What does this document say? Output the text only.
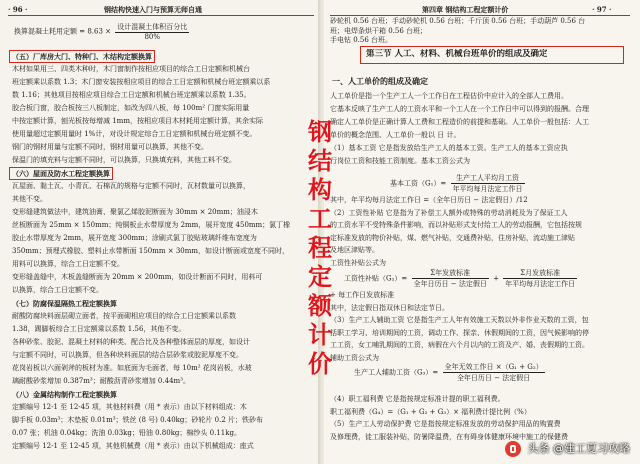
· 96 ·	钢结构快速入门与预算无师自通
换算混凝土耗用定额 = $8.63 \times \frac{\text{设计混凝土体积百分比}}{80\%}$
（五）厂库房大门、特种门、木结构定额换算
木材如果用三、四类木种时，木门窗制作按相应项目的综合工日定额和机械台
班定额乘以系数 1.3；木门窗安装按相应项目的综合工日定额和机械台班定额乘以系
数 1.16；其他项目按相应项目综合工日定额和机械台班定额乘以系数 1.35。
胶合板门窗，胶合板按三八板制定，如改为四八板，每 100m² 门窗实际用量
中按定额计算，刨光板按每增减 1mm，按相应项目木材耗用定额计算，其余实际
使用量超过定额用量时 1%计，对设计规定综合工日定额和机械台班定额不变。
钢门的钢材用量与定额不同时，钢材用量可以换算，其他不变。
保温门的填充料与定额不同时，可以换算，只换填充料，其他工料不变。
（六）屋面及防水工程定额换算
瓦屋面、黏土瓦、小青瓦、石棉瓦的规格与定额不同时，瓦材数量可以换算，
其他不变。
变形缝建筑做法中，建筑油膏、聚氯乙烯胶泥断面为 30mm × 20mm；油浸木
丝板断面为 25mm × 150mm；纯铜板止水带厚度为 2mm，展开宽度 450mm；氯丁橡
胶止水带厚度为 2mm，展开宽度 300mm；涂刷式氯丁胶贴玻璃纤维布宽度为
350mm；预埋式橡胶、塑料止水带断面 150mm × 30mm，如设计断面或宽度不同时，
用料可以换算，综合工日定额不变。
变形缝盖缝中，木板盖缝断面为 20mm × 200mm，如设计断面不同时，用料可
以换算，综合工日定额不变。
（七）防腐保温隔热工程定额换算
耐酸防腐块料面层砌立面者，按平面砌相应项目的综合工日定额乘以系数
1.38，踢脚板综合工日定额乘以系数 1.56，其他不变。
各种砂浆、胶泥、混凝土材料的种类、配合比及各种整体面层的厚度，如设计
与定额不同时，可以换算，但各种块料面层的结合层砂浆或胶泥厚度不变。
花岗岩板以六面剁斧的板材为准。如底面为毛面者，每 10m² 花岗岩板，水玻
璃耐酸砂浆增加 0.387m³；耐酸沥青砂浆增加 0.44m³。
（八）金属结构制作工程定额换算
定额编号 12-1 至 12-45 项，其他材料费（用 * 表示）由以下材料组成：木
脚手板 0.03m³；木垫板 0.01m³；铁丝 (8 号) 0.40kg；砂轮片 0.2 片；铁砂布
0.07 张；机油 0.04kg；洗油 0.03kg；铅油 0.80kg；棉纱头 0.11kg。
定额编号 12-1 至 12-45 项，其他机械费（用 * 表示）由以下机械组成：座式
第四章 钢结构工程定额计价	· 97 ·
砂轮机 0.56 台班；手动砂轮机 0.56 台班；千斤顶 0.56 台班；手动葫芦 0.56 台
班；电焊条烘干箱 0.56 台班；
手电钻 0.56 台班。
第三节 人工、材料、机械台班单价的组成及确定
一、人工单价的组成及确定
人工单价是指一个生产工人一个工作日在工程估价中应计入的全部人工费用。
它基本反映了生产工人的工资水平和一个工人在一个工作日中可以得到的报酬。合理
确定人工单价是正确计算人工费和工程造价的前提和基础。人工单价一般包括：人工
单价的概念范围、人工单价一般以 日 计。
（1）基本工资 它是指发放给生产工人的基本工资。生产工人的基本工资应执
行岗位工资和技能工资制度。基本工资公式为
基本工资$(G_1)= \frac{\text{生产工人平均月工资}}{\text{年平均每月法定工作日}}$
其中，年平均每月法定工作日 =（全年日历日 − 法定假日）/12
（2）工资性补贴 它是指为了补偿工人额外或特殊的劳动消耗及为了保证工人
的工资水平不受特殊条件影响，而以补贴形式支付给工人的劳动报酬，它包括按规
定标准发放的物价补贴，煤、燃气补贴，交通费补贴，住房补贴，流动施工津贴
及地区津贴等。
工资性补贴公式为
工资性补贴$(G_2)= \frac{\text{Σ年发放标准}}{\text{全年日历日 − 法定假日}} + \frac{\text{Σ月发放标准}}{\text{年平均每月法定工作日}}$
+ 每工作日发放标准
其中，法定假日指双休日和法定节日。
（3）生产工人辅助工资 它是指生产工人年有效施工天数以外非作业天数的工资，包
括职工学习、培训期间的工资，调动工作、探亲、休假期间的工资，因气候影响的停
工工资，女工哺乳期间的工资，病假在六个月以内的工资及产、婚、丧假期的工资。
辅助工资公式为
生产工人辅助工资$(G_3)= \frac{\text{全年无效工作日 ×（G₁ + G₂）}}{\text{全年日历日 − 法定假日}}$
（4）职工福利费 它是指按规定标准计提的职工福利费。
职工福利费（G₄）=（G₁ + G₂ + G₃）× 福利费计提比例（%）
（5）生产工人劳动保护费 它是指按规定标准发放的劳动保护用品的购置费
及修理费，徒工服装补贴，防暑降温费，在有碍身体健康环境中施工的保健费
钢
结
构
工
程
定
额
计
价
头条 @建工夏习攻略
